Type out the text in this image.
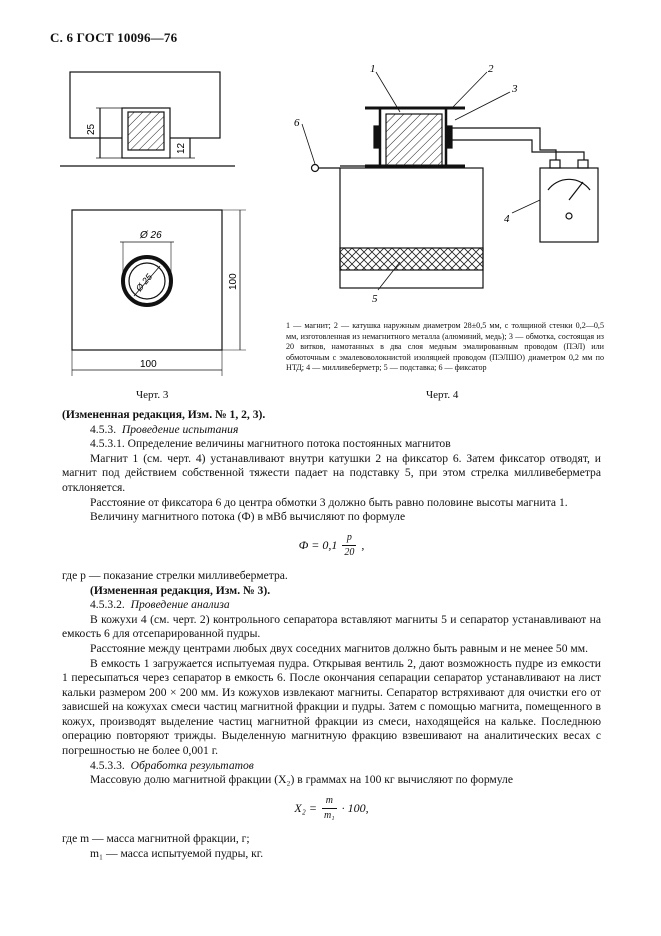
С. 6 ГОСТ 10096—76
25
12
Ø 26
Ø 25	100
100
1	2
3
4
5
6
1 — магнит; 2 — катушка наружным диаметром 28±0,5 мм, с толщиной стенки 0,2—0,5 мм, изготовленная из немагнитного металла (алюминий, медь); 3 — обмотка, состоящая из 20 витков, намотанных в два слоя медным эмалированным проводом (ПЭЛ) или обмоточным с эмалевоволокнистой изоляцией проводом (ПЭЛШО) диаметром 0,2 мм по НТД; 4 — милливеберметр; 5 — подставка; 6 — фиксатор
Черт. 3	Черт. 4

(Измененная редакция, Изм. № 1, 2, 3).

4.5.3. Проведение испытания

4.5.3.1. Определение величины магнитного потока постоянных магнитов

Магнит 1 (см. черт. 4) устанавливают внутри катушки 2 на фиксатор 6. Затем фиксатор отводят, и магнит под действием собственной тяжести падает на подставку 5, при этом стрелка милливеберметра отклоняется.

Расстояние от фиксатора 6 до центра обмотки 3 должно быть равно половине высоты магнита 1.

Величину магнитного потока (Ф) в мВб вычисляют по формуле

$Ф = 0,1 \frac{p}{20}$ ,

где p — показание стрелки милливеберметра.

(Измененная редакция, Изм. № 3).

4.5.3.2. Проведение анализа

В кожухи 4 (см. черт. 2) контрольного сепаратора вставляют магниты 5 и сепаратор устанавливают на емкость 6 для отсепарированной пудры.

Расстояние между центрами любых двух соседних магнитов должно быть равным и не менее 50 мм.

В емкость 1 загружается испытуемая пудра. Открывая вентиль 2, дают возможность пудре из емкости 1 пересыпаться через сепаратор в емкость 6. После окончания сепарации сепаратор устанавливают на лист кальки размером 200 × 200 мм. Из кожухов извлекают магниты. Сепаратор встряхивают для очистки его от зависшей на кожухах смеси частиц магнитной фракции и пудры. Затем с помощью магнита, помещенного в кожух, производят выделение частиц магнитной фракции из смеси, находящейся на кальке. Последнюю операцию повторяют трижды. Выделенную магнитную фракцию взвешивают на аналитических весах с погрешностью не более 0,001 г.

4.5.3.3. Обработка результатов

Массовую долю магнитной фракции (X₂) в граммах на 100 кг вычисляют по формуле

$X_2 = \frac{m}{\text{m₁}} \cdot 100$,

где m — масса магнитной фракции, г;

m₁ — масса испытуемой пудры, кг.
